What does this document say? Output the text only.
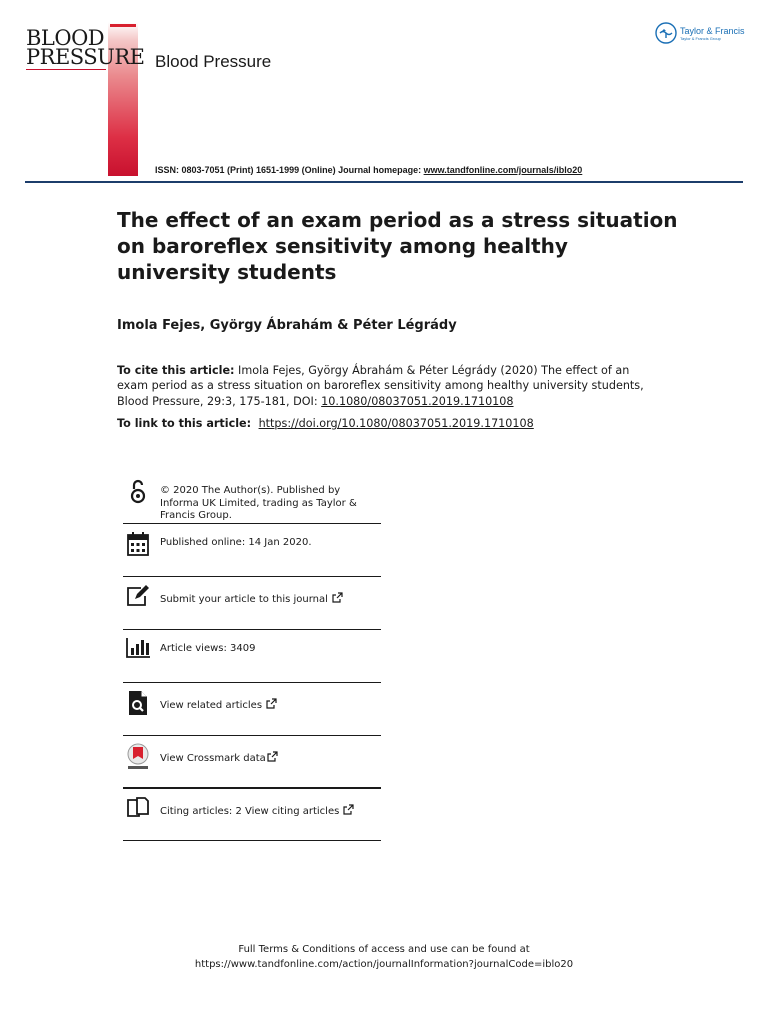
BLOOD
PRESSURE Blood Pressure
Taylor & Francis
Taylor & Francis Group
ISSN: 0803-7051 (Print) 1651-1999 (Online) Journal homepage: www.tandfonline.com/journals/iblo20
The effect of an exam period as a stress situation on baroreflex sensitivity among healthy university students
Imola Fejes, György Ábrahám & Péter Légrády
To cite this article: Imola Fejes, György Ábrahám & Péter Légrády (2020) The effect of an exam period as a stress situation on baroreflex sensitivity among healthy university students, Blood Pressure, 29:3, 175-181, DOI: 10.1080/08037051.2019.1710108
To link to this article:  https://doi.org/10.1080/08037051.2019.1710108
© 2020 The Author(s). Published by Informa UK Limited, trading as Taylor & Francis Group.
Published online: 14 Jan 2020.
Submit your article to this journal
Article views: 3409
View related articles
View Crossmark data
Citing articles: 2 View citing articles
Full Terms & Conditions of access and use can be found at
https://www.tandfonline.com/action/journalInformation?journalCode=iblo20
